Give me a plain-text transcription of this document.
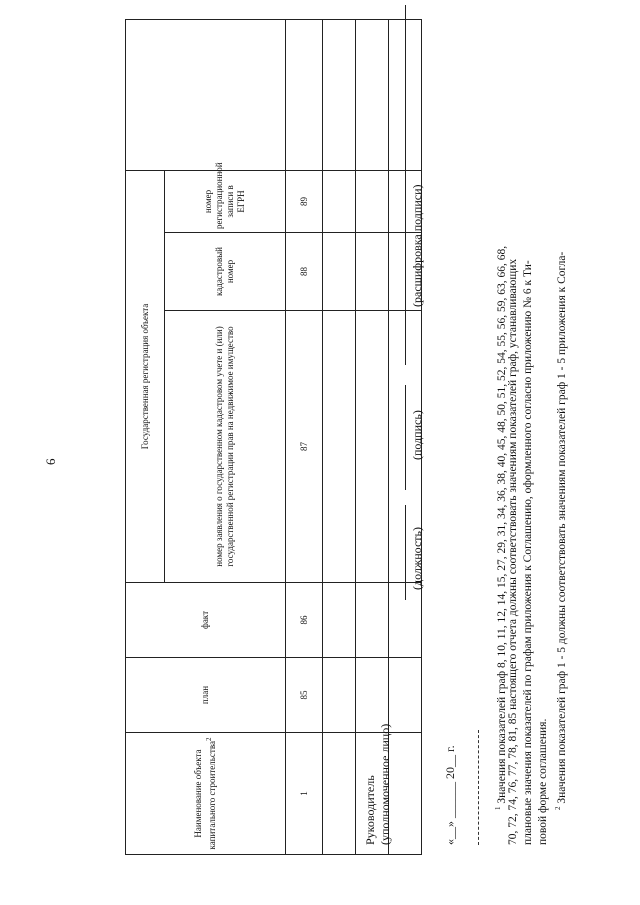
6
Наименование объекта капитального строительства$^2$	план	факт	Государственная регистрация объекта			
			номер заявления о государственном кадастровом учете и (или) государственной регистрации прав на недвижимое имущество	кадастровый номер	номер регистрационной записи в ЕГРН	
1	85	86	87	88	89	

Руководитель (уполномоченное лицо)
(должность)
(подпись)
(расшифровка подписи)
«__» ______ 20__ г.	$^1$ Значения показателей граф 8, 10, 11, 12, 14, 15, 27, 29, 31, 34, 36, 38, 40, 45, 48, 50, 51, 52, 54, 55, 56, 59, 63, 66, 68, 70, 72, 74, 76, 77, 78, 81, 85 настоящего отчета должны соответствовать значениям показателей граф, устанавливающих плановые значения показателей по графам приложения к Соглашению, оформленного согласно приложению № 6 к Ти- повой форме соглашения. $^2$ Значения показателей граф 1 - 5 должны соответствовать значениям показателей граф 1 - 5 приложения к Согла-
